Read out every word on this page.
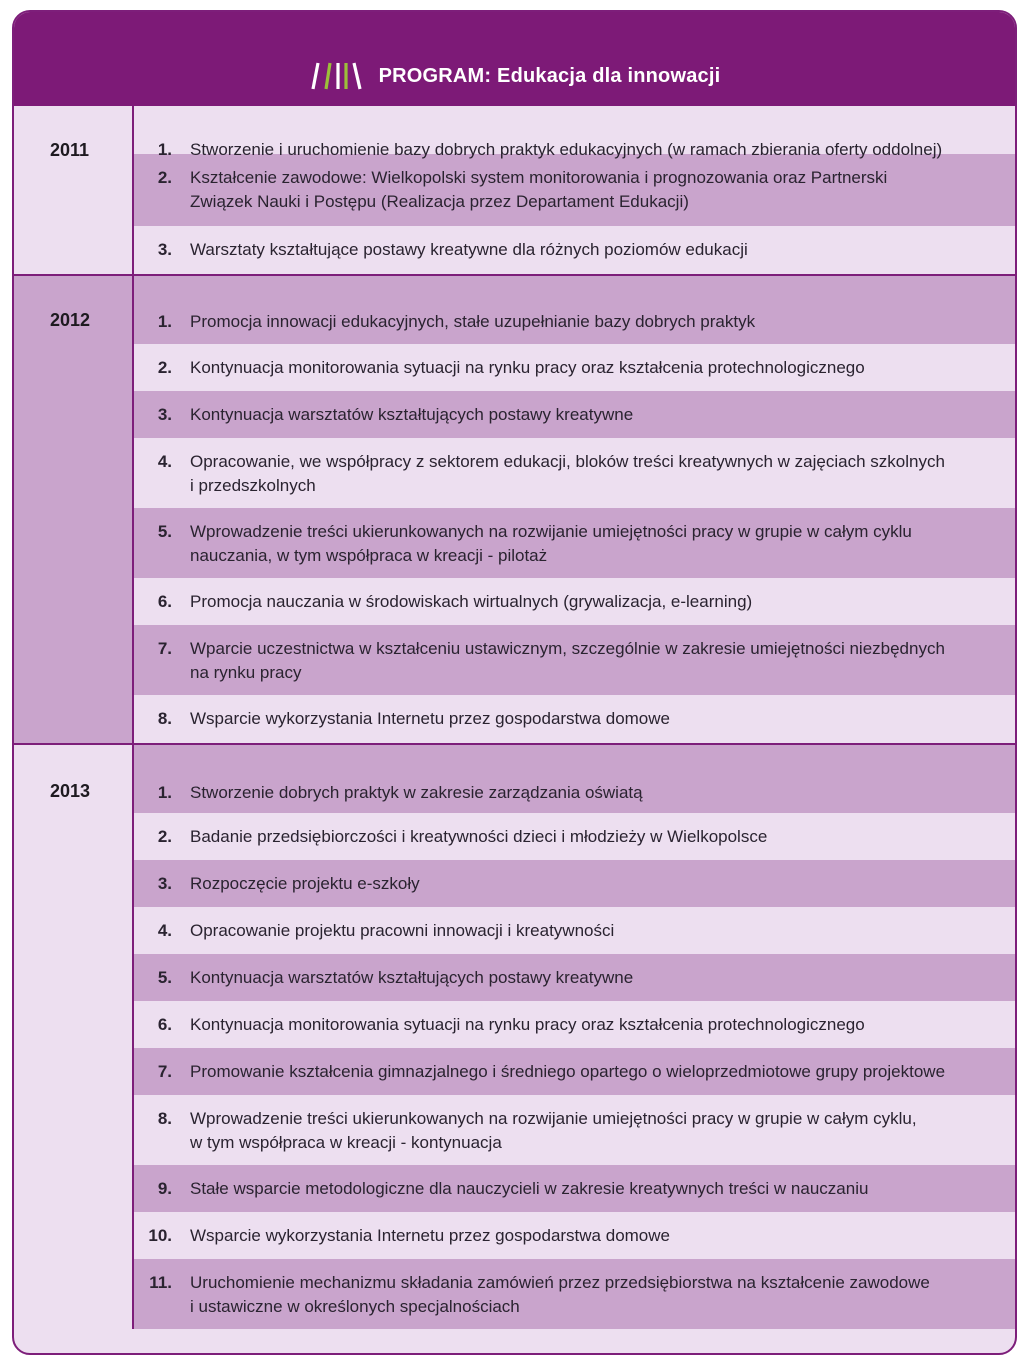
PROGRAM: Edukacja dla innowacji
2011	1.	Stworzenie i uruchomienie bazy dobrych praktyk edukacyjnych (w ramach zbierania oferty oddolnej)
2.	Kształcenie zawodowe: Wielkopolski system monitorowania i prognozowania oraz Partnerski
Związek Nauki i Postępu (Realizacja przez Departament Edukacji)
3.	Warsztaty kształtujące postawy kreatywne dla różnych poziomów edukacji
2012	1.	Promocja innowacji edukacyjnych, stałe uzupełnianie bazy dobrych praktyk
2.	Kontynuacja monitorowania sytuacji na rynku pracy oraz kształcenia protechnologicznego
3.	Kontynuacja warsztatów kształtujących postawy kreatywne
4.	Opracowanie, we współpracy z sektorem edukacji, bloków treści kreatywnych w zajęciach szkolnych
i przedszkolnych
5.	Wprowadzenie treści ukierunkowanych na rozwijanie umiejętności pracy w grupie w całym cyklu
nauczania, w tym współpraca w kreacji - pilotaż
6.	Promocja nauczania w środowiskach wirtualnych (grywalizacja, e-learning)
7.	Wparcie uczestnictwa w kształceniu ustawicznym, szczególnie w zakresie umiejętności niezbędnych
na rynku pracy
8.	Wsparcie wykorzystania Internetu przez gospodarstwa domowe
2013	1.	Stworzenie dobrych praktyk w zakresie zarządzania oświatą
2.	Badanie przedsiębiorczości i kreatywności dzieci i młodzieży w Wielkopolsce
3.	Rozpoczęcie projektu e-szkoły
4.	Opracowanie projektu pracowni innowacji i kreatywności
5.	Kontynuacja warsztatów kształtujących postawy kreatywne
6.	Kontynuacja monitorowania sytuacji na rynku pracy oraz kształcenia protechnologicznego
7.	Promowanie kształcenia gimnazjalnego i średniego opartego o wieloprzedmiotowe grupy projektowe
8.	Wprowadzenie treści ukierunkowanych na rozwijanie umiejętności pracy w grupie w całym cyklu,
w tym współpraca w kreacji - kontynuacja
9.	Stałe wsparcie metodologiczne dla nauczycieli w zakresie kreatywnych treści w nauczaniu
10.	Wsparcie wykorzystania Internetu przez gospodarstwa domowe
11.	Uruchomienie mechanizmu składania zamówień przez przedsiębiorstwa na kształcenie zawodowe
i ustawiczne w określonych specjalnościach
